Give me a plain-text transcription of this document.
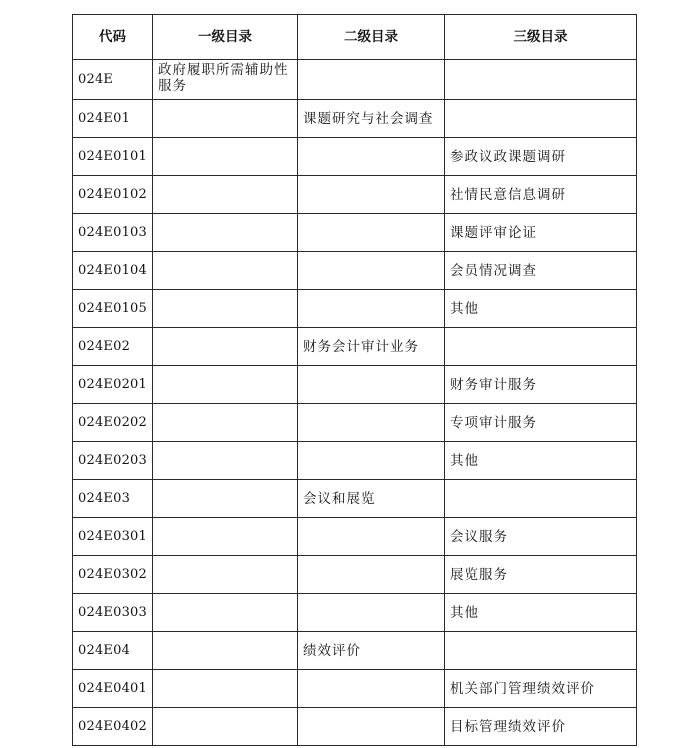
代码	一级目录	二级目录	三级目录
024E	政府履职所需辅助性服务		
024E01		课题研究与社会调查	
024E0101			参政议政课题调研
024E0102			社情民意信息调研
024E0103			课题评审论证
024E0104			会员情况调查
024E0105			其他
024E02		财务会计审计业务	
024E0201			财务审计服务
024E0202			专项审计服务
024E0203			其他
024E03		会议和展览	
024E0301			会议服务
024E0302			展览服务
024E0303			其他
024E04		绩效评价	
024E0401			机关部门管理绩效评价
024E0402			目标管理绩效评价
